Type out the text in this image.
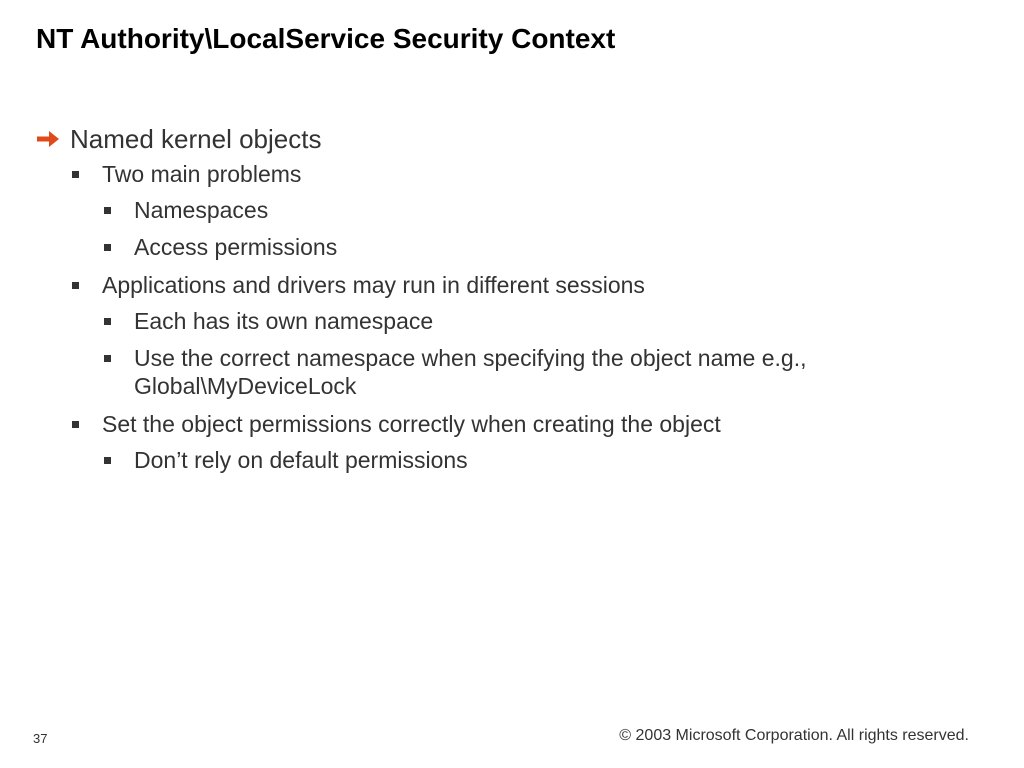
NT Authority\LocalService Security Context
Named kernel objects
Two main problems
Namespaces
Access permissions
Applications and drivers may run in different sessions
Each has its own namespace
Use the correct namespace when specifying the object name e.g., Global\MyDeviceLock
Set the object permissions correctly when creating the object
Don’t rely on default permissions
37	© 2003 Microsoft Corporation. All rights reserved.
